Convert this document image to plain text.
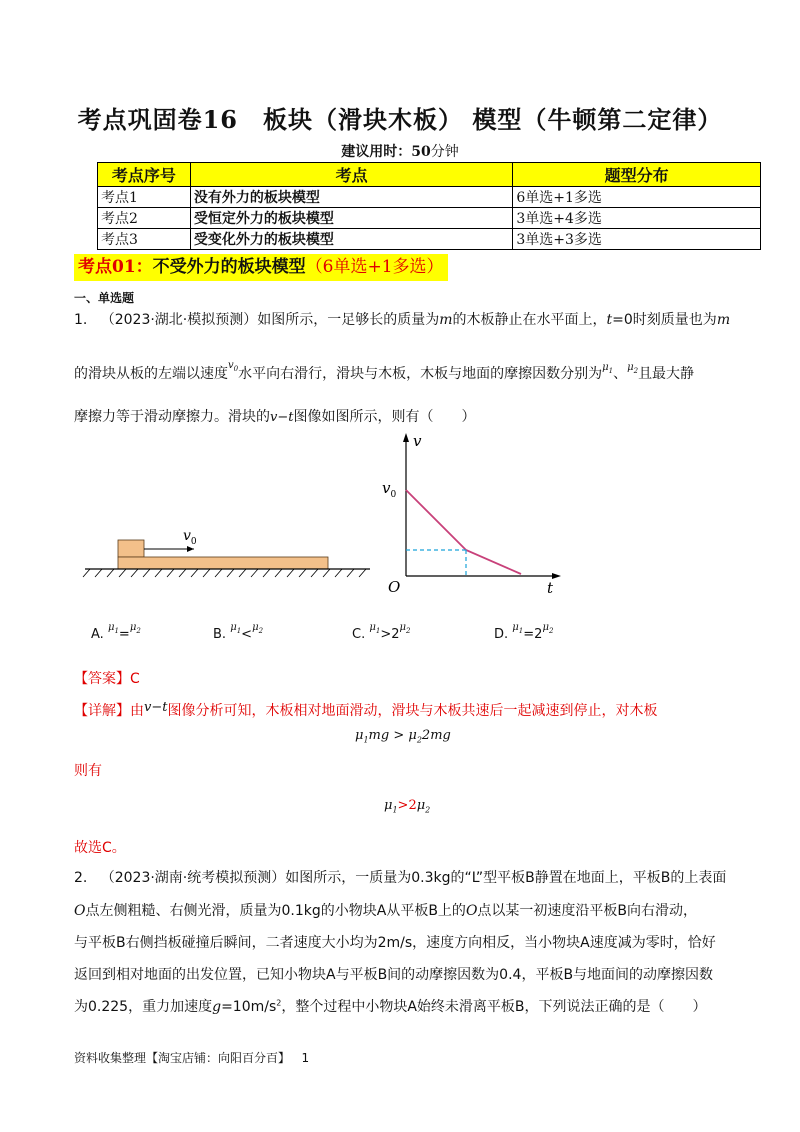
考点巩固卷16　板块（滑块木板） 模型（牛顿第二定律）
建议用时：50分钟
考点序号	考点	题型分布
考点1	没有外力的板块模型	6单选+1多选
考点2	受恒定外力的板块模型	3单选+4多选
考点3	受变化外力的板块模型	3单选+3多选
考点01：不受外力的板块模型（6单选+1多选）
一、单选题
1. （2023·湖北·模拟预测）如图所示，一足够长的质量为m的木板静止在水平面上，t=0时刻质量也为m
的滑块从板的左端以速度$^{v_0}$水平向右滑行，滑块与木板，木板与地面的摩擦因数分别为$^{\mu_1}$、$^{\mu_2}$且最大静
摩擦力等于滑动摩擦力。滑块的v−t图像如图所示，则有（　　）
$v_0$
v
t
O
$v_0$
A. $^{\mu_1}$=$^{\mu_2}$	B. $^{\mu_1}$<$^{\mu_2}$	C. $^{\mu_1}>2^{\mu_2}$	D. $^{\mu_1}=2^{\mu_2}$
【答案】C
【详解】由v−t图像分析可知，木板相对地面滑动，滑块与木板共速后一起减速到停止，对木板
$\mu_1mg > \mu_22mg$
则有
$\mu_1>2\mu_2$
故选C。
2. （2023·湖南·统考模拟预测）如图所示，一质量为0.3kg的“L”型平板B静置在地面上，平板B的上表面
O点左侧粗糙、右侧光滑，质量为0.1kg的小物块A从平板B上的O点以某一初速度沿平板B向右滑动，
与平板B右侧挡板碰撞后瞬间，二者速度大小均为2m/s，速度方向相反，当小物块A速度减为零时，恰好
返回到相对地面的出发位置，已知小物块A与平板B间的动摩擦因数为0.4，平板B与地面间的动摩擦因数
为0.225，重力加速度$g=10m/s^2$，整个过程中小物块A始终未滑离平板B，下列说法正确的是（　　）
资料收集整理【淘宝店铺：向阳百分百】 1
